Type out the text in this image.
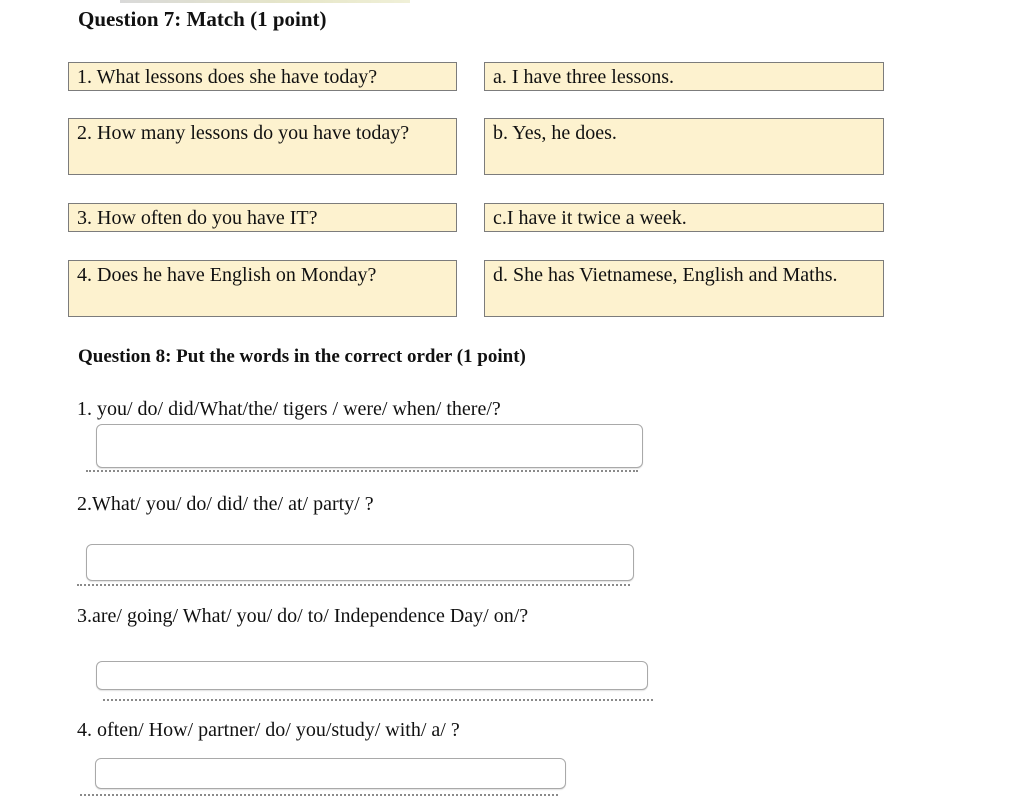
Question 7: Match (1 point)
1. What lessons does she have today?	a. I have three lessons.
2. How many lessons do you have today?	b. Yes, he does.
3. How often do you have IT?	c.I have it twice a week.
4. Does he have English on Monday?	d. She has Vietnamese, English and Maths.
Question 8: Put the words in the correct order (1 point)
1. you/ do/ did/What/the/ tigers / were/ when/ there/?
2.What/ you/ do/ did/ the/ at/ party/ ?
3.are/ going/ What/ you/ do/ to/ Independence Day/ on/?
4. often/ How/ partner/ do/ you/study/ with/ a/ ?
